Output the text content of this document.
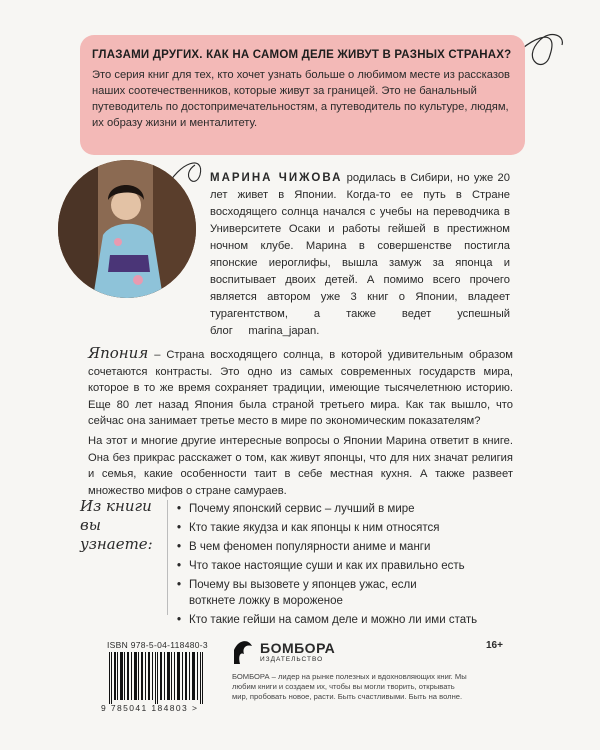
ГЛАЗАМИ ДРУГИХ. КАК НА САМОМ ДЕЛЕ ЖИВУТ В РАЗНЫХ СТРАНАХ?
Это серия книг для тех, кто хочет узнать больше о любимом месте из рассказов наших соотечественников, которые живут за границей. Это не банальный путеводитель по достопримечательностям, а путеводитель по культуре, людям, их образу жизни и менталитету.
МАРИНА ЧИЖОВА родилась в Сибири, но уже 20 лет живет в Японии. Когда-то ее путь в Стране восходящего солнца начался с учебы на переводчика в Университете Осаки и работы гейшей в престижном ночном клубе. Марина в совершенстве постигла японские иероглифы, вышла замуж за японца и воспитывает двоих детей. А помимо всего прочего является автором уже 3 книг о Японии, владеет турагентством, а также ведет успешный блог marina_japan.
Япония – Страна восходящего солнца, в которой удивительным образом сочетаются контрасты. Это одно из самых современных государств мира, которое в то же время сохраняет традиции, имеющие тысячелетнюю историю. Еще 80 лет назад Япония была страной третьего мира. Как так вышло, что сейчас она занимает третье место в мире по экономическим показателям?
На этот и многие другие интересные вопросы о Японии Марина ответит в книге. Она без прикрас расскажет о том, как живут японцы, что для них значат религия и семья, какие особенности таит в себе местная кухня. А также развеет множество мифов о стране самураев.
Из книги вы узнаете:
• Почему японский сервис – лучший в мире
• Кто такие якудза и как японцы к ним относятся
• В чем феномен популярности аниме и манги
• Что такое настоящие суши и как их правильно есть
• Почему вы вызовете у японцев ужас, если воткнете ложку в мороженое
• Кто такие гейши на самом деле и можно ли ими стать
ISBN 978-5-04-118480-3
9 785041 184803 >
БОМБОРА
ИЗДАТЕЛЬСТВО
БОМБОРА – лидер на рынке полезных и вдохновляющих книг. Мы любим книги и создаем их, чтобы вы могли творить, открывать мир, пробовать новое, расти. Быть счастливыми. Быть на волне.
16+
